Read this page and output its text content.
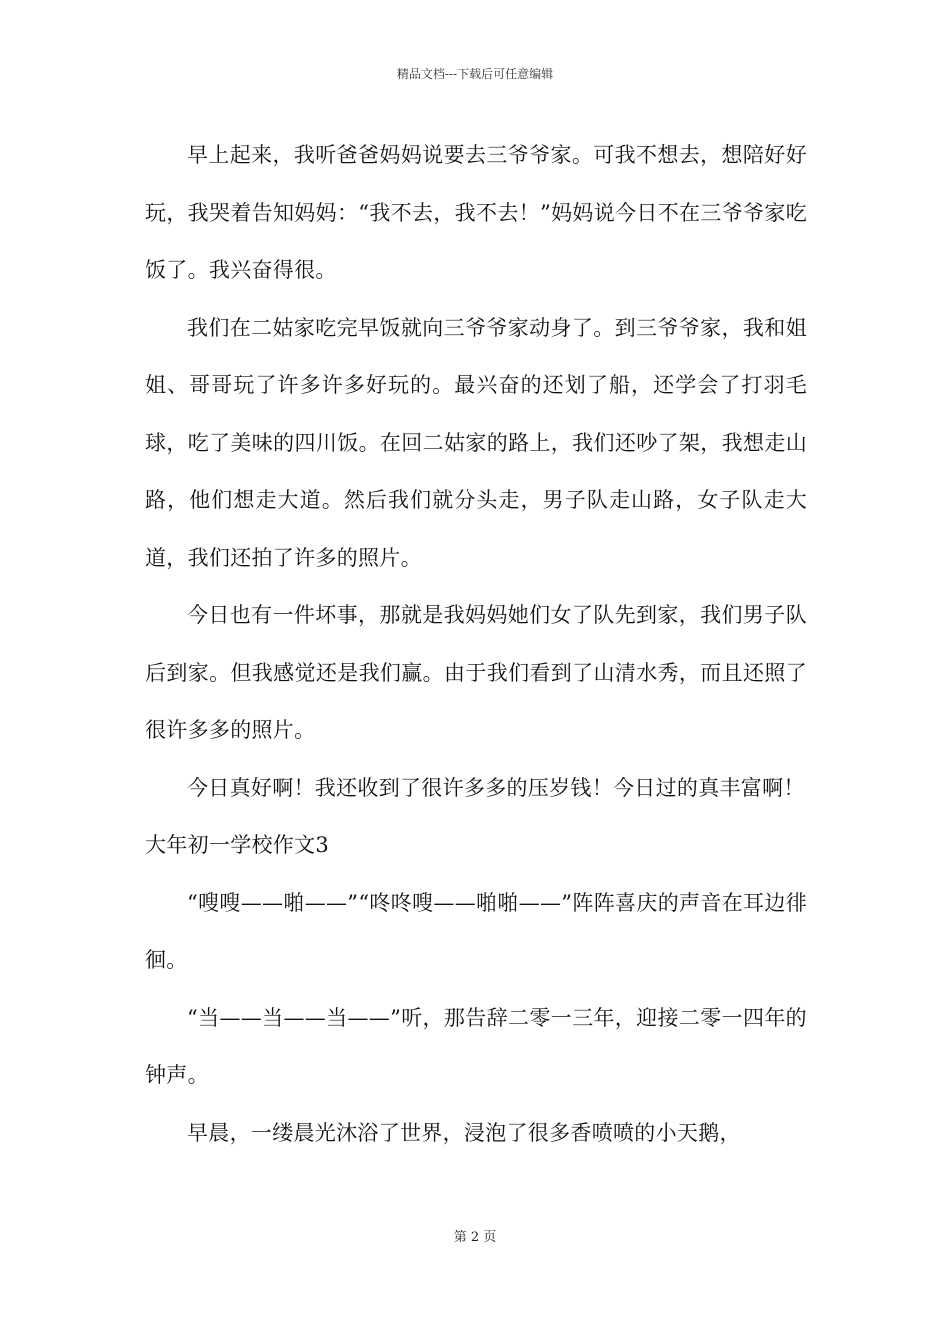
精品文档---下载后可任意编辑

早上起来，我听爸爸妈妈说要去三爷爷家。可我不想去，想陪好好玩，我哭着告知妈妈：“我不去，我不去！”妈妈说今日不在三爷爷家吃饭了。我兴奋得很。

我们在二姑家吃完早饭就向三爷爷家动身了。到三爷爷家，我和姐姐、哥哥玩了许多许多好玩的。最兴奋的还划了船，还学会了打羽毛球，吃了美味的四川饭。在回二姑家的路上，我们还吵了架，我想走山路，他们想走大道。然后我们就分头走，男子队走山路，女子队走大道，我们还拍了许多的照片。

今日也有一件坏事，那就是我妈妈她们女了队先到家，我们男子队后到家。但我感觉还是我们赢。由于我们看到了山清水秀，而且还照了很许多多的照片。

今日真好啊！我还收到了很许多多的压岁钱！今日过的真丰富啊！

大年初一学校作文3

“嗖嗖——啪——”“咚咚嗖——啪啪——”阵阵喜庆的声音在耳边徘徊。

“当——当——当——”听，那告辞二零一三年，迎接二零一四年的钟声。

早晨，一缕晨光沐浴了世界，浸泡了很多香喷喷的小天鹅，

第 2 页
